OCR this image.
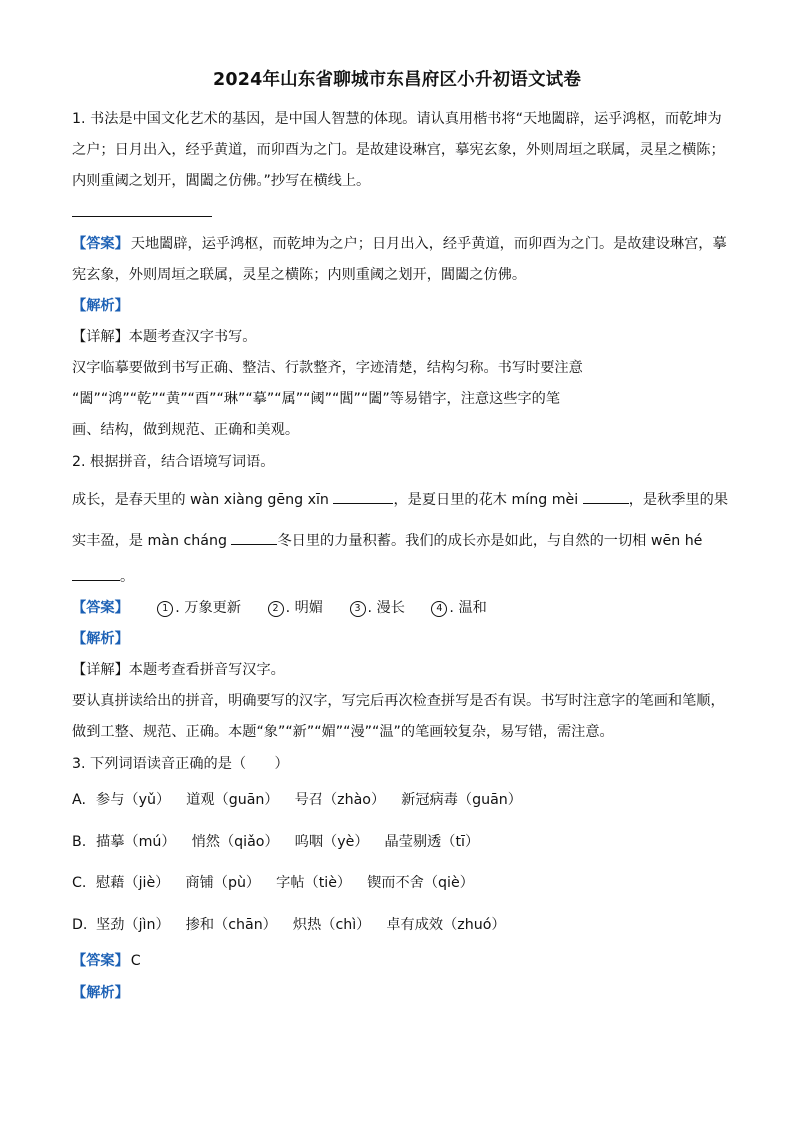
2024年山东省聊城市东昌府区小升初语文试卷
1. 书法是中国文化艺术的基因，是中国人智慧的体现。请认真用楷书将“天地闔辟，运乎鸿枢，而乾坤为
之户；日月出入，经乎黄道，而卯酉为之门。是故建设琳宫，摹宪玄象，外则周垣之联属，灵星之横陈；
内则重阈之划开，閶闔之仿佛。”抄写在横线上。
【答案】 天地闔辟，运乎鸿枢，而乾坤为之户；日月出入，经乎黄道，而卯酉为之门。是故建设琳宫，摹
宪玄象，外则周垣之联属，灵星之横陈；内则重阈之划开，閶闔之仿佛。
【解析】
【详解】本题考查汉字书写。
汉字临摹要做到书写正确、整洁、行款整齐，字迹清楚，结构匀称。书写时要注意
“闔”“鸿”“乾”“黄”“酉”“琳”“摹”“属”“阈”“閶”“闔”等易错字，注意这些字的笔
画、结构，做到规范、正确和美观。
2. 根据拼音，结合语境写词语。
成长，是春天里的 wàn xiàng gēng xīn	，是夏日里的花木 míng mèi	，是秋季里的果
实丰盈，是 màn cháng	冬日里的力量积蓄。我们的成长亦是如此，与自然的一切相 wēn hé
。
【答案】	1 . 万象更新	2 . 明媚	3 . 漫长	4 . 温和
【解析】
【详解】本题考查看拼音写汉字。
要认真拼读给出的拼音，明确要写的汉字，写完后再次检查拼写是否有误。书写时注意字的笔画和笔顺，
做到工整、规范、正确。本题“象”“新”“媚”“漫”“温”的笔画较复杂，易写错，需注意。
3. 下列词语读音正确的是（　　）
A. 参与（yǔ） 道观（guān） 号召（zhào） 新冠病毒（guān）
B. 描摹（mú） 悄然（qiǎo） 呜咽（yè） 晶莹剔透（tī）
C. 慰藉（jiè） 商铺（pù） 字帖（tiè） 锲而不舍（qiè）
D. 坚劲（jìn） 掺和（chān） 炽热（chì） 卓有成效（zhuó）
【答案】 C
【解析】
